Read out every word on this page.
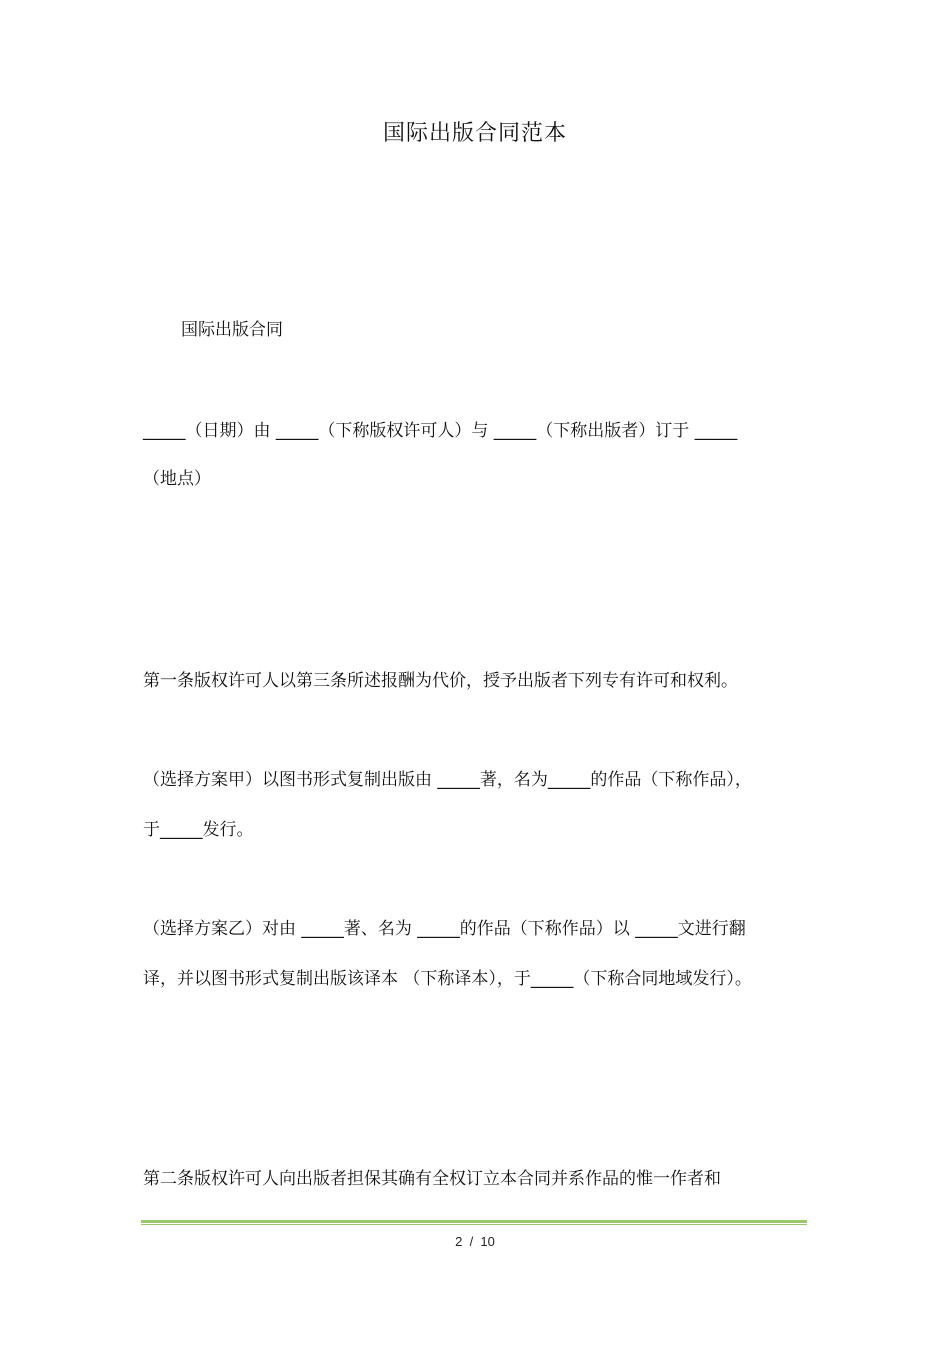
国际出版合同范本
国际出版合同
_____（日期）由 _____（下称版权许可人）与 _____（下称出版者）订于 _____
（地点）
第一条版权许可人以第三条所述报酬为代价，授予出版者下列专有许可和权利。
（选择方案甲）以图书形式复制出版由 _____著，名为_____的作品（下称作品），
于_____发行。
（选择方案乙）对由 _____著、名为 _____的作品（下称作品）以 _____文进行翻
译，并以图书形式复制出版该译本 （下称译本），于_____（下称合同地域发行）。
第二条版权许可人向出版者担保其确有全权订立本合同并系作品的惟一作者和
2  /  10
